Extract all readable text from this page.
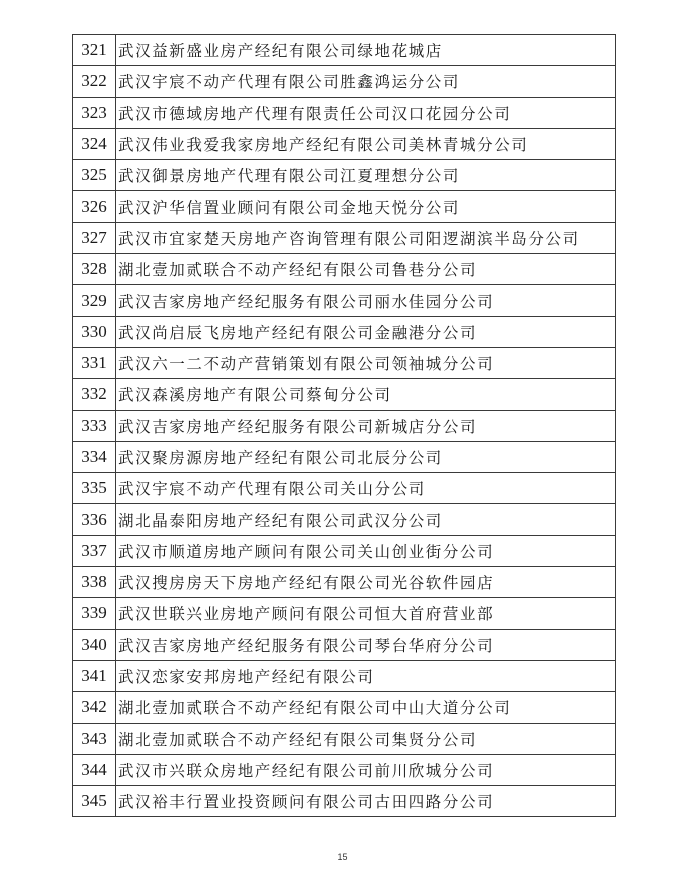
321	武汉益新盛业房产经纪有限公司绿地花城店
322	武汉宇宸不动产代理有限公司胜鑫鸿运分公司
323	武汉市德域房地产代理有限责任公司汉口花园分公司
324	武汉伟业我爱我家房地产经纪有限公司美林青城分公司
325	武汉御景房地产代理有限公司江夏理想分公司
326	武汉沪华信置业顾问有限公司金地天悦分公司
327	武汉市宜家楚天房地产咨询管理有限公司阳逻湖滨半岛分公司
328	湖北壹加贰联合不动产经纪有限公司鲁巷分公司
329	武汉吉家房地产经纪服务有限公司丽水佳园分公司
330	武汉尚启辰飞房地产经纪有限公司金融港分公司
331	武汉六一二不动产营销策划有限公司领袖城分公司
332	武汉森溪房地产有限公司蔡甸分公司
333	武汉吉家房地产经纪服务有限公司新城店分公司
334	武汉聚房源房地产经纪有限公司北辰分公司
335	武汉宇宸不动产代理有限公司关山分公司
336	湖北晶泰阳房地产经纪有限公司武汉分公司
337	武汉市顺道房地产顾问有限公司关山创业街分公司
338	武汉搜房房天下房地产经纪有限公司光谷软件园店
339	武汉世联兴业房地产顾问有限公司恒大首府营业部
340	武汉吉家房地产经纪服务有限公司琴台华府分公司
341	武汉恋家安邦房地产经纪有限公司
342	湖北壹加贰联合不动产经纪有限公司中山大道分公司
343	湖北壹加贰联合不动产经纪有限公司集贤分公司
344	武汉市兴联众房地产经纪有限公司前川欣城分公司
345	武汉裕丰行置业投资顾问有限公司古田四路分公司
15
